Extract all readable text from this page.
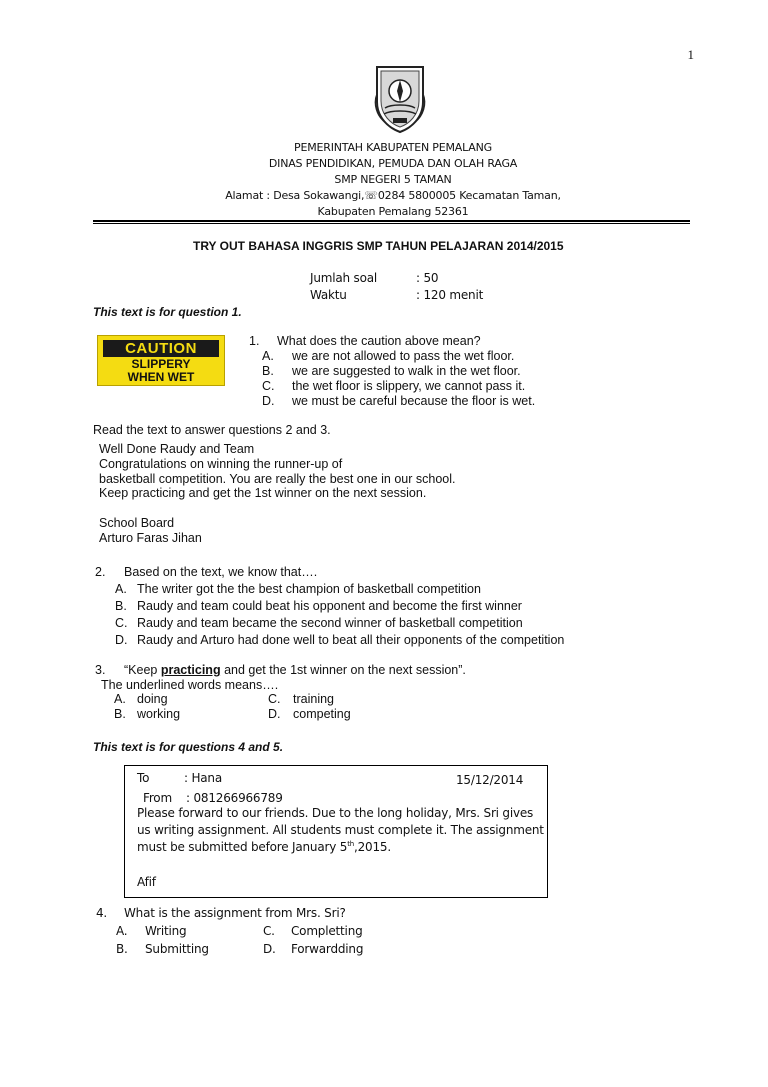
1
PEMERINTAH KABUPATEN PEMALANG
DINAS PENDIDIKAN, PEMUDA DAN OLAH RAGA
SMP NEGERI 5 TAMAN
Alamat : Desa Sokawangi,☏0284 5800005 Kecamatan Taman,
Kabupaten Pemalang 52361
TRY OUT BAHASA INGGRIS SMP TAHUN PELAJARAN 2014/2015
Jumlah soal	: 50
Waktu	: 120 menit
This text is for question 1.
CAUTION
SLIPPERY
WHEN WET
1. What does the caution above mean?
A. we are not allowed to pass the wet floor.
B. we are suggested to walk in the wet floor.
C. the wet floor is slippery, we cannot pass it.
D. we must be careful because the floor is wet.
Read the text to answer questions 2 and 3.
Well Done Raudy and Team
Congratulations on winning the runner-up of
basketball competition. You are really the best one in our school.
Keep practicing and get the 1st winner on the next session.
School Board
Arturo Faras Jihan
2. Based on the text, we know that….
A. The writer got the the best champion of basketball competition
B. Raudy and team could beat his opponent and become the first winner
C. Raudy and team became the second winner of basketball competition
D. Raudy and Arturo had done well to beat all their opponents of the competition
3. “Keep practicing and get the 1st winner on the next session”.
The underlined words means….
A. doing
B. working
C. training
D. competing
This text is for questions 4 and 5.
To	: Hana	15/12/2014
From : 081266966789
Please forward to our friends. Due to the long holiday, Mrs. Sri gives
us writing assignment. All students must complete it. The assignment
must be submitted before January 5th,2015.
Afif
4. What is the assignment from Mrs. Sri?
A. Writing
B. Submitting
C. Completting
D. Forwardding
